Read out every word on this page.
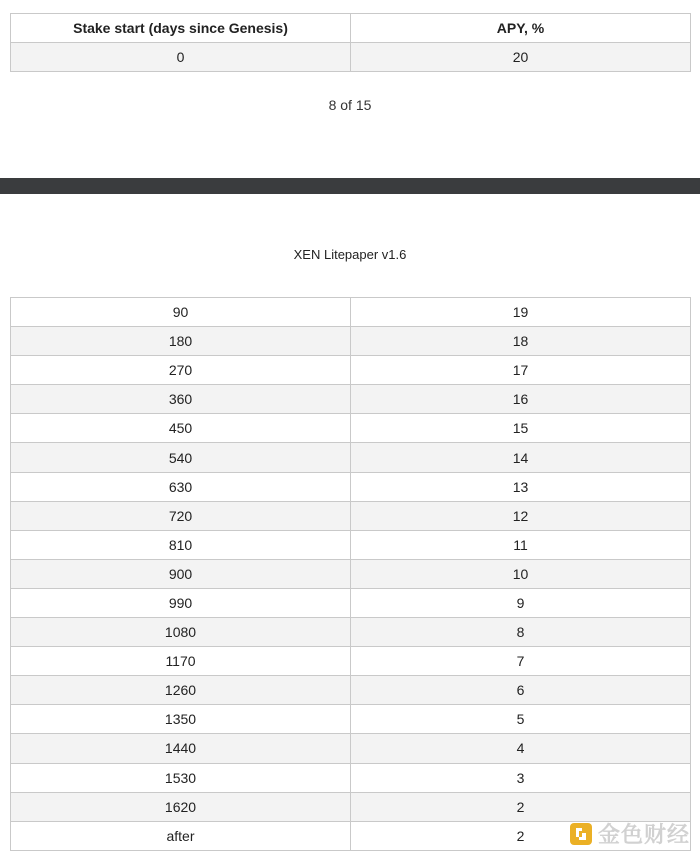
Stake start (days since Genesis)	APY, %
0	20
8 of 15
XEN Litepaper v1.6
90	19
180	18
270	17
360	16
450	15
540	14
630	13
720	12
810	11
900	10
990	9
1080	8
1170	7
1260	6
1350	5
1440	4
1530	3
1620	2
after	2	金色财经
